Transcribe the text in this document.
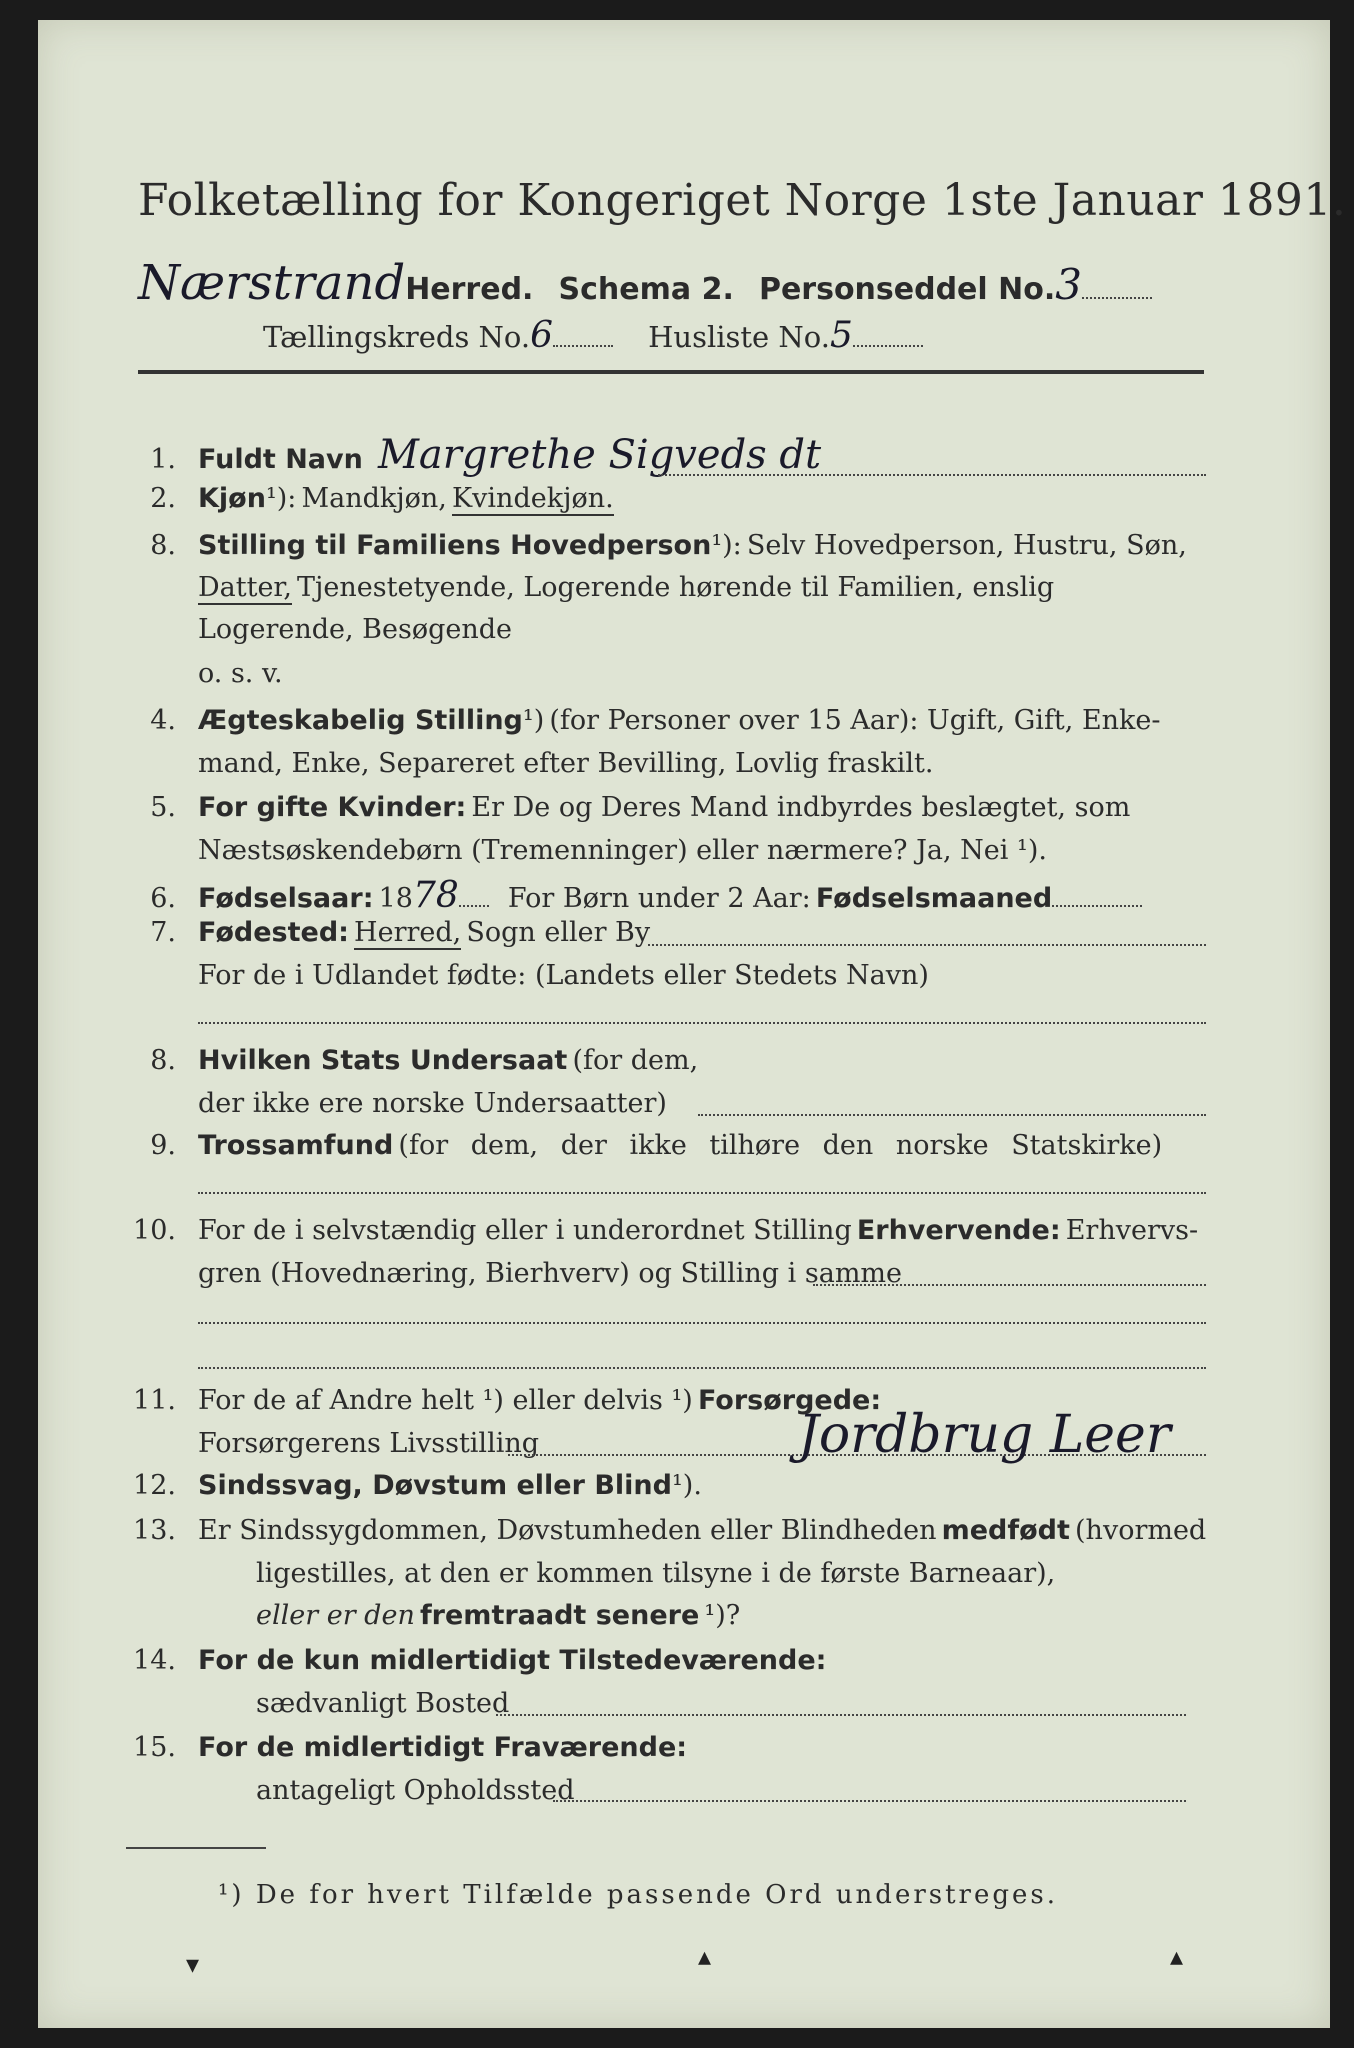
Folketælling for Kongeriget Norge 1ste Januar 1891.
NærstrandHerred. Schema 2. Personseddel No.3
Tællingskreds No.6	Husliste No.5
1. Fuldt Navn Margrethe Sigveds dt
2. Kjøn¹): Mandkjøn, Kvindekjøn.
8. Stilling til Familiens Hovedperson¹): Selv Hovedperson, Hustru, Søn,
Datter, Tjenestetyende, Logerende hørende til Familien, enslig
Logerende, Besøgende
o. s. v.
4. Ægteskabelig Stilling¹) (for Personer over 15 Aar): Ugift, Gift, Enke-
mand, Enke, Separeret efter Bevilling, Lovlig fraskilt.
5. For gifte Kvinder: Er De og Deres Mand indbyrdes beslægtet, som
Næstsøskendebørn (Tremenninger) eller nærmere? Ja, Nei ¹).
6. Fødselsaar: 1878 For Børn under 2 Aar: Fødselsmaaned
7. Fødested: Herred, Sogn eller By
For de i Udlandet fødte: (Landets eller Stedets Navn)
8. Hvilken Stats Undersaat (for dem,
der ikke ere norske Undersaatter)
9. Trossamfund (for dem, der ikke tilhøre den norske Statskirke)
10. For de i selvstændig eller i underordnet Stilling Erhvervende: Erhvervs-
gren (Hovednæring, Bierhverv) og Stilling i samme
11. For de af Andre helt ¹) eller delvis ¹) Forsørgede:
Forsørgerens Livsstilling	Jordbrug Leer
12. Sindssvag, Døvstum eller Blind¹).
13. Er Sindssygdommen, Døvstumheden eller Blindheden medfødt (hvormed
ligestilles, at den er kommen tilsyne i de første Barneaar),
eller er den fremtraadt senere ¹)?
14. For de kun midlertidigt Tilstedeværende:
sædvanligt Bosted
15. For de midlertidigt Fraværende:
antageligt Opholdssted
¹) De for hvert Tilfælde passende Ord understreges.
▾	▴	▴
